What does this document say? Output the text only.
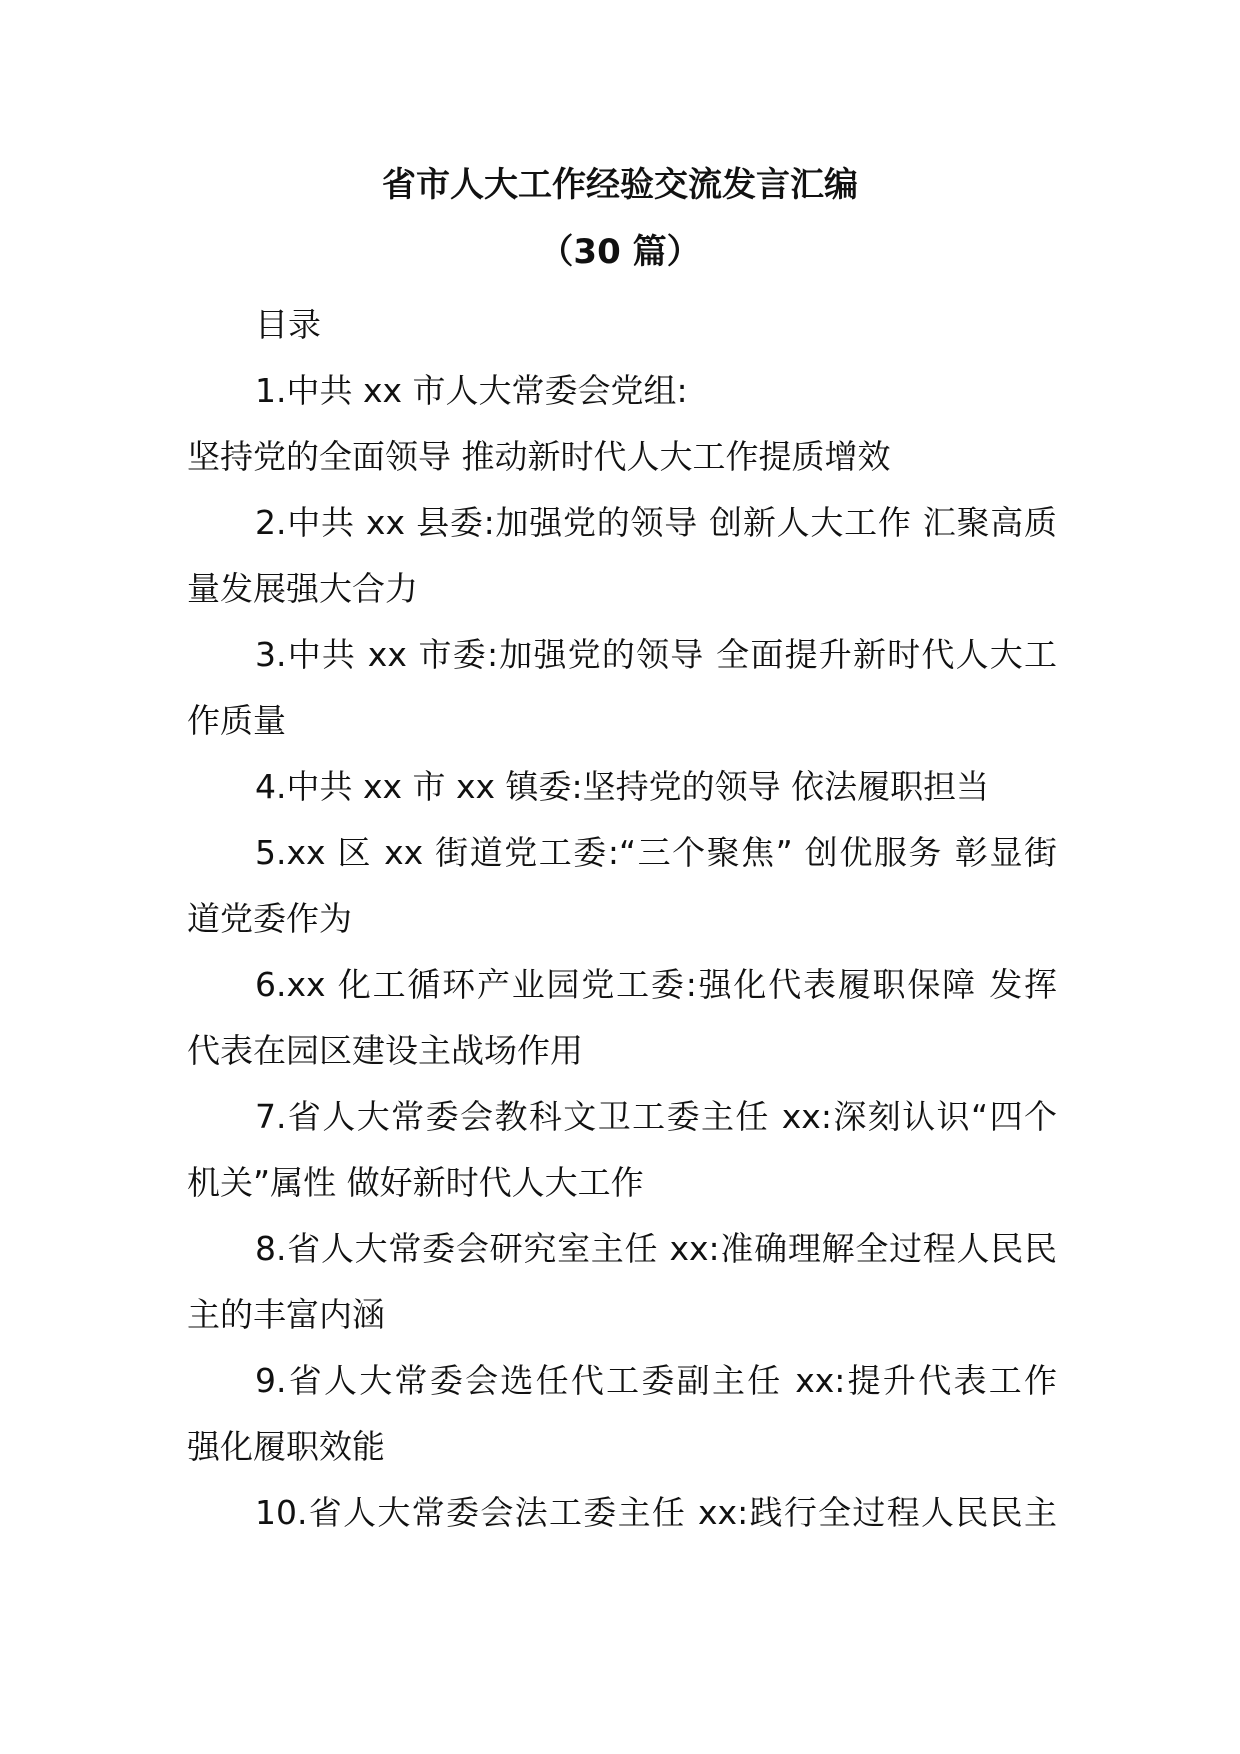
省市人大工作经验交流发言汇编
（30 篇）
目录
1.中共 xx 市人大常委会党组:
坚持党的全面领导 推动新时代人大工作提质增效
2.中共 xx 县委:加强党的领导 创新人大工作 汇聚高质
量发展强大合力
3.中共 xx 市委:加强党的领导 全面提升新时代人大工
作质量
4.中共 xx 市 xx 镇委:坚持党的领导 依法履职担当
5.xx 区 xx 街道党工委:“三个聚焦” 创优服务 彰显街
道党委作为
6.xx 化工循环产业园党工委:强化代表履职保障 发挥
代表在园区建设主战场作用
7.省人大常委会教科文卫工委主任 xx:深刻认识“四个
机关”属性 做好新时代人大工作
8.省人大常委会研究室主任 xx:准确理解全过程人民民
主的丰富内涵
9.省人大常委会选任代工委副主任 xx:提升代表工作
强化履职效能
10.省人大常委会法工委主任 xx:践行全过程人民民主
